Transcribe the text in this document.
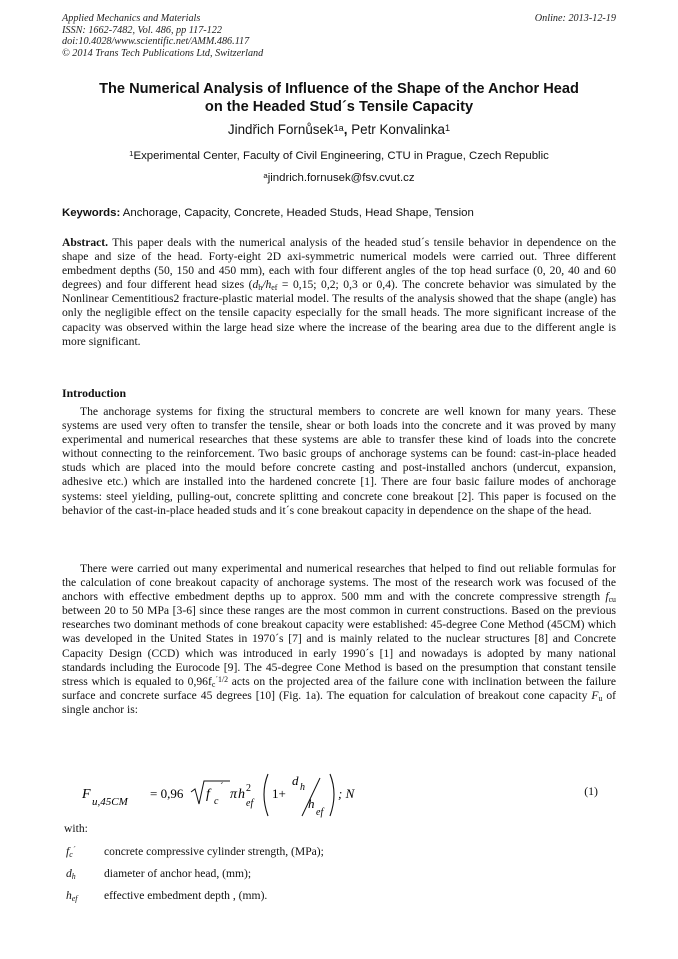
Applied Mechanics and Materials
ISSN: 1662-7482, Vol. 486, pp 117-122
doi:10.4028/www.scientific.net/AMM.486.117
© 2014 Trans Tech Publications Ltd, Switzerland
Online: 2013-12-19
The Numerical Analysis of Influence of the Shape of the Anchor Head
on the Headed Stud´s Tensile Capacity
Jindřich Fornůsek$^{1a}$, Petr Konvalinka$^1$
$^1$Experimental Center, Faculty of Civil Engineering, CTU in Prague, Czech Republic
$^a$jindrich.fornusek@fsv.cvut.cz
Keywords: Anchorage, Capacity, Concrete, Headed Studs, Head Shape, Tension
Abstract. This paper deals with the numerical analysis of the headed stud´s tensile behavior in dependence on the shape and size of the head. Forty-eight 2D axi-symmetric numerical models were carried out. Three different embedment depths (50, 150 and 450 mm), each with four different angles of the top head surface (0, 20, 40 and 60 degrees) and four different head sizes ($d_h/h_{ef} = 0,15$; 0,2; 0,3 or 0,4). The concrete behavior was simulated by the Nonlinear Cementitious2 fracture-plastic material model. The results of the analysis showed that the shape (angle) has only the negligible effect on the tensile capacity especially for the small heads. The more significant increase of the capacity was observed within the large head size where the increase of the bearing area due to the different angle is more significant.
Introduction
The anchorage systems for fixing the structural members to concrete are well known for many years. These systems are used very often to transfer the tensile, shear or both loads into the concrete and it was proved by many experimental and numerical researches that these systems are able to transfer these kind of loads into the concrete without connecting to the reinforcement. Two basic groups of anchorage systems can be found: cast-in-place headed studs which are placed into the mould before concrete casting and post-installed anchors (undercut, expansion, adhesive etc.) which are installed into the hardened concrete [1]. There are four basic failure modes of anchorage systems: steel yielding, pulling-out, concrete splitting and concrete cone breakout [2]. This paper is focused on the behavior of the cast-in-place headed studs and it´s cone breakout capacity in dependence on the shape of the head.
There were carried out many experimental and numerical researches that helped to find out reliable formulas for the calculation of cone breakout capacity of anchorage systems. The most of the research work was focused of the anchors with effective embedment depths up to approx. 500 mm and with the concrete compressive strength $f_{cu}$ between 20 to 50 MPa [3-6] since these ranges are the most common in current constructions. Based on the previous researches two dominant methods of cone breakout capacity were established: 45-degree Cone Method (45CM) which was developed in the United States in 1970´s [7] and is mainly related to the nuclear structures [8] and Concrete Capacity Design (CCD) which was introduced in early 1990´s [1] and nowadays is adopted by many national standards including the Eurocode [9]. The 45-degree Cone Method is based on the presumption that constant tensile stress which is equaled to $0,96f_c^{´1/2}$ acts on the projected area of the failure cone with inclination between the failure surface and concrete surface 45 degrees [10] (Fig. 1a). The equation for calculation of breakout cone capacity $F_u$ of single anchor is:
F u,45CM
= 0,96 f c
´ π h 2
ef
1+
d h
h
ef
; N	(1)
with:
$f_c^´$	concrete compressive cylinder strength, (MPa);
$d_h$	diameter of anchor head, (mm);
$h_{ef}$	effective embedment depth , (mm).
